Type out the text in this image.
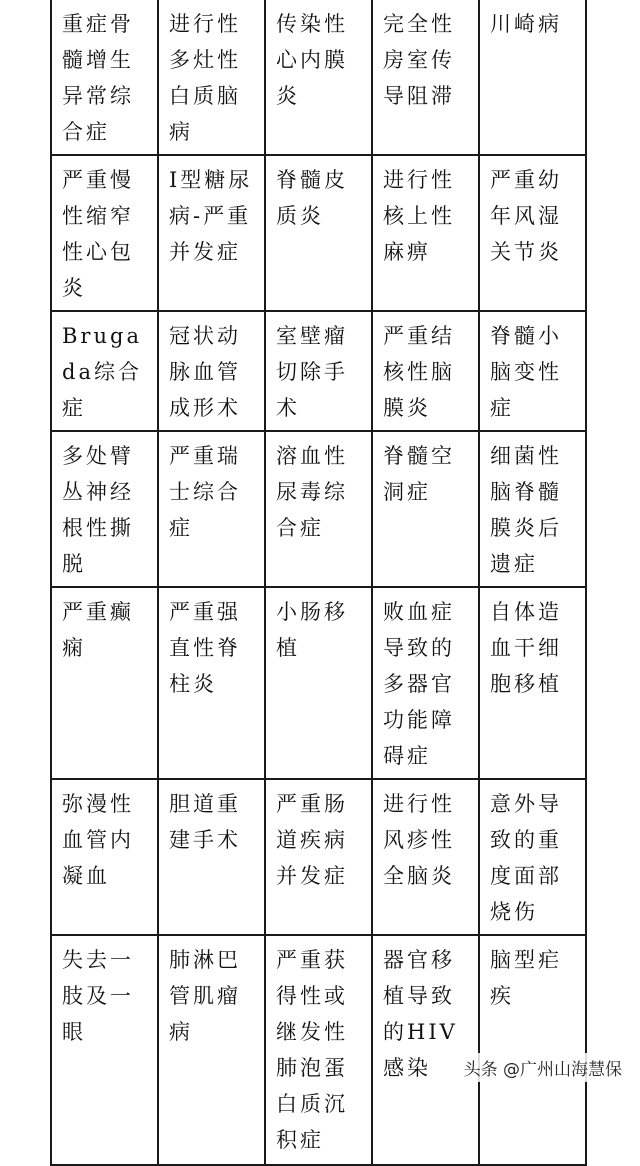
重症骨髓增生异常综合症	进行性多灶性白质脑病	传染性心内膜炎	完全性房室传导阻滞	川崎病

严重慢性缩窄性心包炎	I型糖尿病-严重并发症	脊髓皮质炎	进行性核上性麻痹	严重幼年风湿关节炎

Brugada综合症	冠状动脉血管成形术	室壁瘤切除手术	严重结核性脑膜炎	脊髓小脑变性症

多处臂丛神经根性撕脱	严重瑞士综合症	溶血性尿毒综合症	脊髓空洞症	细菌性脑脊髓膜炎后遗症

严重癫痫	严重强直性脊柱炎	小肠移植	败血症导致的多器官功能障碍症	自体造血干细胞移植

弥漫性血管内凝血	胆道重建手术	严重肠道疾病并发症	进行性风疹性全脑炎	意外导致的重度面部烧伤

失去一肢及一眼	肺淋巴管肌瘤病	严重获得性或继发性肺泡蛋白质沉积症	器官移植导致的HIV感染	脑型疟疾
头条 @广州山海慧保
